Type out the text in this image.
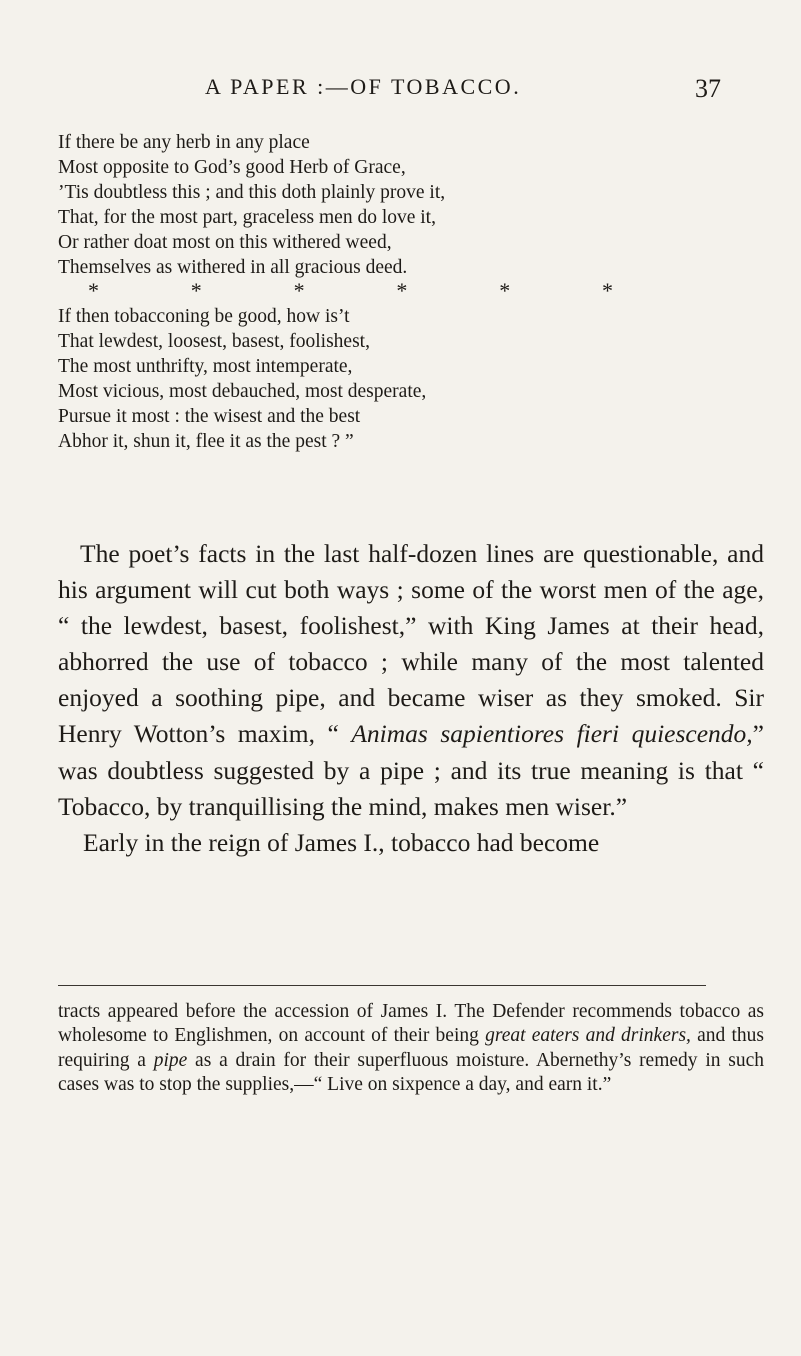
A PAPER :—OF TOBACCO.	37
If there be any herb in any place
Most opposite to God’s good Herb of Grace,
’Tis doubtless this ; and this doth plainly prove it,
That, for the most part, graceless men do love it,
Or rather doat most on this withered weed,
Themselves as withered in all gracious deed.
*	*	*	*	*	*
If then tobacconing be good, how is’t
That lewdest, loosest, basest, foolishest,
The most unthrifty, most intemperate,
Most vicious, most debauched, most desperate,
Pursue it most : the wisest and the best
Abhor it, shun it, flee it as the pest ? ”

The poet’s facts in the last half-dozen lines are questionable, and his argument will cut both ways ; some of the worst men of the age, “ the lewdest, basest, foolishest,” with King James at their head, abhorred the use of tobacco ; while many of the most talented enjoyed a soothing pipe, and became wiser as they smoked. Sir Henry Wotton’s maxim, “ Animas sapientiores fieri quiescendo,” was doubtless suggested by a pipe ; and its true meaning is that “ Tobacco, by tranquillising the mind, makes men wiser.”

Early in the reign of James I., tobacco had become

tracts appeared before the accession of James I. The Defender recommends tobacco as wholesome to Englishmen, on account of their being great eaters and drinkers, and thus requiring a pipe as a drain for their superfluous moisture. Abernethy’s remedy in such cases was to stop the supplies,—“ Live on sixpence a day, and earn it.”
